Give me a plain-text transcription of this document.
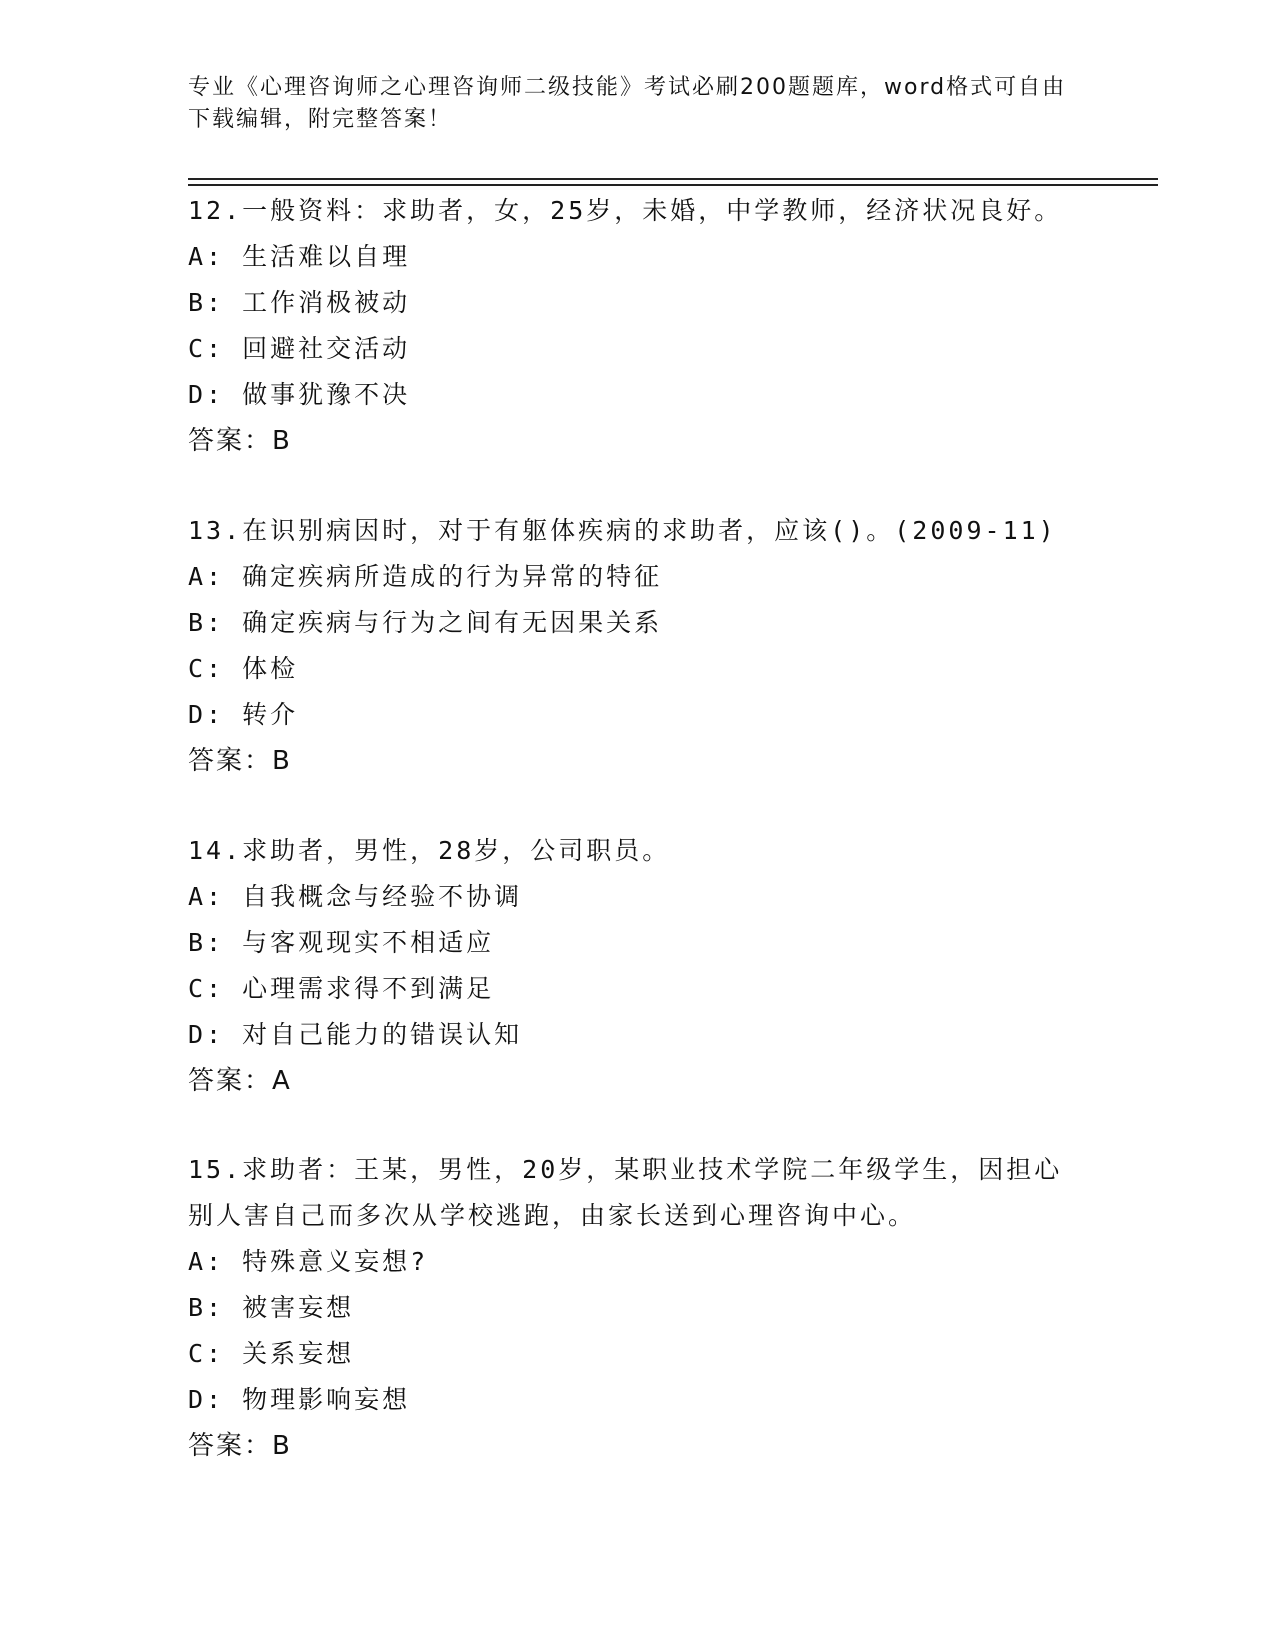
专业《心理咨询师之心理咨询师二级技能》考试必刷200题题库，word格式可自由下载编辑，附完整答案！
12.一般资料：求助者，女，25岁，未婚，中学教师，经济状况良好。
A: 生活难以自理
B: 工作消极被动
C: 回避社交活动
D: 做事犹豫不决
答案：B
13.在识别病因时，对于有躯体疾病的求助者，应该()。(2009-11)
A: 确定疾病所造成的行为异常的特征
B: 确定疾病与行为之间有无因果关系
C: 体检
D: 转介
答案：B
14.求助者，男性，28岁，公司职员。
A: 自我概念与经验不协调
B: 与客观现实不相适应
C: 心理需求得不到满足
D: 对自己能力的错误认知
答案：A
15.求助者：王某，男性，20岁，某职业技术学院二年级学生，因担心别人害自己而多次从学校逃跑，由家长送到心理咨询中心。
A: 特殊意义妄想?
B: 被害妄想
C: 关系妄想
D: 物理影响妄想
答案：B
